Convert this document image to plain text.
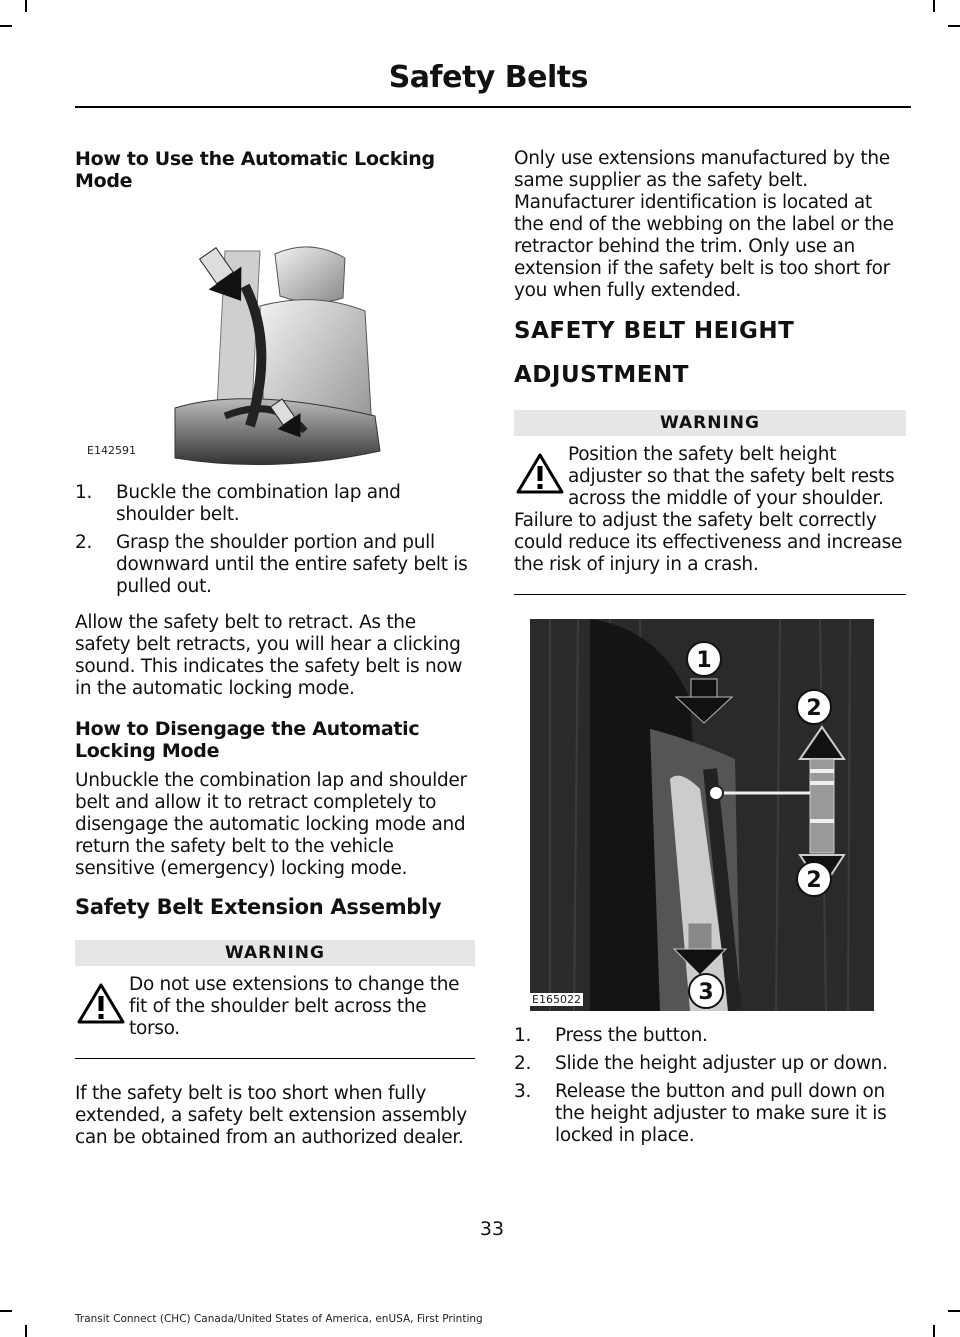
Safety Belts
How to Use the Automatic Locking Mode
E142591
1. Buckle the combination lap and shoulder belt.
2. Grasp the shoulder portion and pull downward until the entire safety belt is pulled out.
Allow the safety belt to retract. As the safety belt retracts, you will hear a clicking sound. This indicates the safety belt is now in the automatic locking mode.
How to Disengage the Automatic Locking Mode
Unbuckle the combination lap and shoulder belt and allow it to retract completely to disengage the automatic locking mode and return the safety belt to the vehicle sensitive (emergency) locking mode.
Safety Belt Extension Assembly
WARNING
Do not use extensions to change the fit of the shoulder belt across the torso.
If the safety belt is too short when fully extended, a safety belt extension assembly can be obtained from an authorized dealer.
Only use extensions manufactured by the same supplier as the safety belt. Manufacturer identification is located at the end of the webbing on the label or the retractor behind the trim. Only use an extension if the safety belt is too short for you when fully extended.
SAFETY BELT HEIGHT
ADJUSTMENT
WARNING
Position the safety belt height adjuster so that the safety belt rests across the middle of your shoulder.
Failure to adjust the safety belt correctly could reduce its effectiveness and increase the risk of injury in a crash.
1
2
2
3
E165022
1. Press the button.
2. Slide the height adjuster up or down.
3. Release the button and pull down on the height adjuster to make sure it is locked in place.
33
Transit Connect (CHC) Canada/United States of America, enUSA, First Printing
